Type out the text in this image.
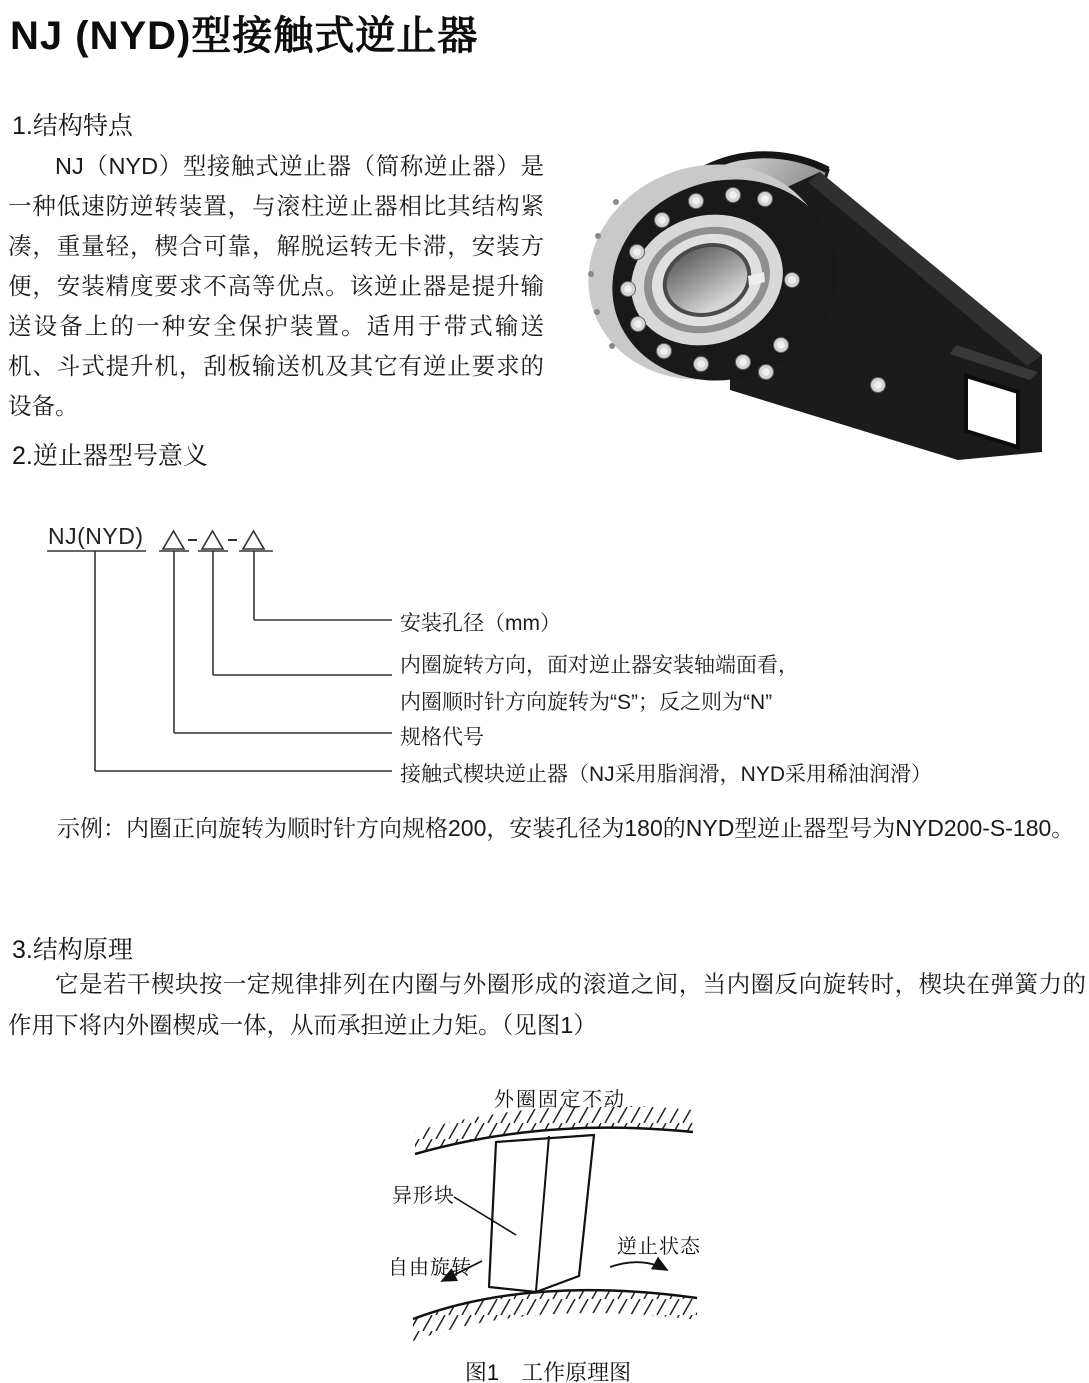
NJ (NYD)型接触式逆止器
1.结构特点

NJ（NYD）型接触式逆止器（简称逆止器）是一种低速防逆转装置，与滚柱逆止器相比其结构紧凑，重量轻，楔合可靠，解脱运转无卡滞，安装方便，安装精度要求不高等优点。该逆止器是提升输送设备上的一种安全保护装置。适用于带式输送机、斗式提升机，刮板输送机及其它有逆止要求的设备。

2.逆止器型号意义
NJ(NYD)
安装孔径（mm）
内圈旋转方向，面对逆止器安装轴端面看，
内圈顺时针方向旋转为“S”；反之则为“N”
规格代号
接触式楔块逆止器（NJ采用脂润滑，NYD采用稀油润滑）
示例：内圈正向旋转为顺时针方向规格200，安装孔径为180的NYD型逆止器型号为NYD200-S-180。
3.结构原理

它是若干楔块按一定规律排列在内圈与外圈形成的滚道之间，当内圈反向旋转时，楔块在弹簧力的作用下将内外圈楔成一体，从而承担逆止力矩。（见图1）

外圈固定不动
异形块
自由旋转
逆止状态
图1　工作原理图
